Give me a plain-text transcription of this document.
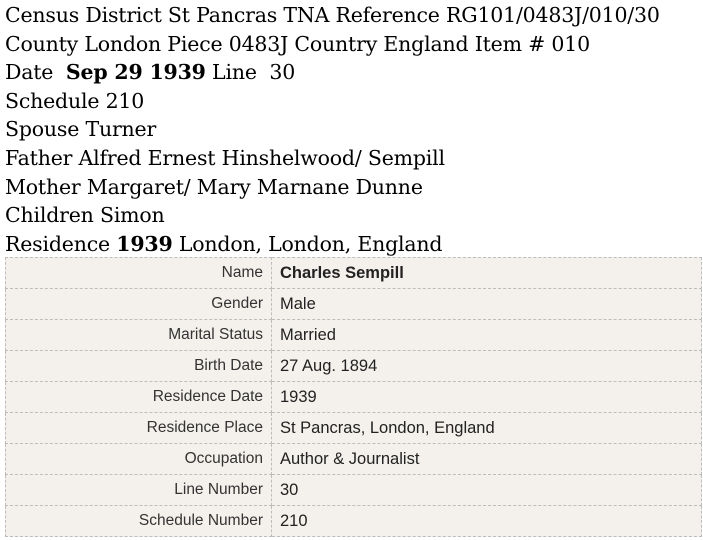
Census District St Pancras TNA Reference RG101/0483J/010/30
County London Piece 0483J Country England Item # 010
Date Sep 29 1939 Line 30
Schedule 210
Spouse Turner
Father Alfred Ernest Hinshelwood/ Sempill
Mother Margaret/ Mary Marnane Dunne
Children Simon
Residence 1939 London, London, England
Name	Charles Sempill
Gender	Male
Marital Status	Married
Birth Date	27 Aug. 1894
Residence Date	1939
Residence Place	St Pancras, London, England
Occupation	Author & Journalist
Line Number	30
Schedule Number	210
